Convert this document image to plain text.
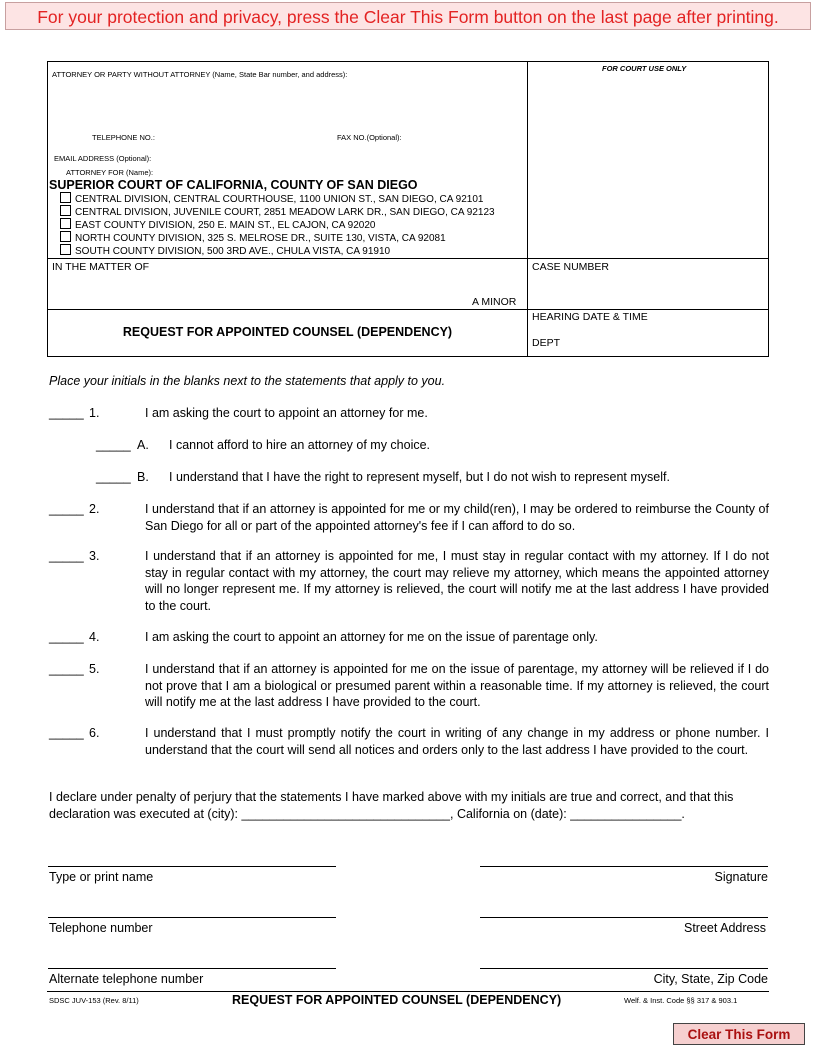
For your protection and privacy, press the Clear This Form button on the last page after printing.
ATTORNEY OR PARTY WITHOUT ATTORNEY (Name, State Bar number, and address):
FOR COURT USE ONLY
TELEPHONE NO.:	FAX NO.(Optional):
EMAIL ADDRESS (Optional):
ATTORNEY FOR (Name):
SUPERIOR COURT OF CALIFORNIA, COUNTY OF SAN DIEGO
CENTRAL DIVISION, CENTRAL COURTHOUSE, 1100 UNION ST., SAN DIEGO, CA 92101
CENTRAL DIVISION, JUVENILE COURT, 2851 MEADOW LARK DR., SAN DIEGO, CA 92123
EAST COUNTY DIVISION, 250 E. MAIN ST., EL CAJON, CA 92020
NORTH COUNTY DIVISION, 325 S. MELROSE DR., SUITE 130, VISTA, CA 92081
SOUTH COUNTY DIVISION, 500 3RD AVE., CHULA VISTA, CA 91910
IN THE MATTER OF
A MINOR
CASE NUMBER
REQUEST FOR APPOINTED COUNSEL (DEPENDENCY)
HEARING DATE & TIME
DEPT
Place your initials in the blanks next to the statements that apply to you.
_____ 1.	I am asking the court to appoint an attorney for me.
_____ A. I cannot afford to hire an attorney of my choice.
_____ B. I understand that I have the right to represent myself, but I do not wish to represent myself.
_____ 2.	I understand that if an attorney is appointed for me or my child(ren), I may be ordered to reimburse the County of San Diego for all or part of the appointed attorney's fee if I can afford to do so.
_____ 3.	I understand that if an attorney is appointed for me, I must stay in regular contact with my attorney. If I do not stay in regular contact with my attorney, the court may relieve my attorney, which means the appointed attorney will no longer represent me. If my attorney is relieved, the court will notify me at the last address I have provided to the court.
_____ 4.	I am asking the court to appoint an attorney for me on the issue of parentage only.
_____ 5.	I understand that if an attorney is appointed for me on the issue of parentage, my attorney will be relieved if I do not prove that I am a biological or presumed parent within a reasonable time. If my attorney is relieved, the court will notify me at the last address I have provided to the court.
_____ 6.	I understand that I must promptly notify the court in writing of any change in my address or phone number. I understand that the court will send all notices and orders only to the last address I have provided to the court.
I declare under penalty of perjury that the statements I have marked above with my initials are true and correct, and that this declaration was executed at (city): ______________________________, California on (date): ________________.
Type or print name	Signature
Telephone number	Street Address
Alternate telephone number	City, State, Zip Code
SDSC JUV-153 (Rev. 8/11)	REQUEST FOR APPOINTED COUNSEL (DEPENDENCY)	Welf. & Inst. Code §§ 317 & 903.1
Clear This Form
